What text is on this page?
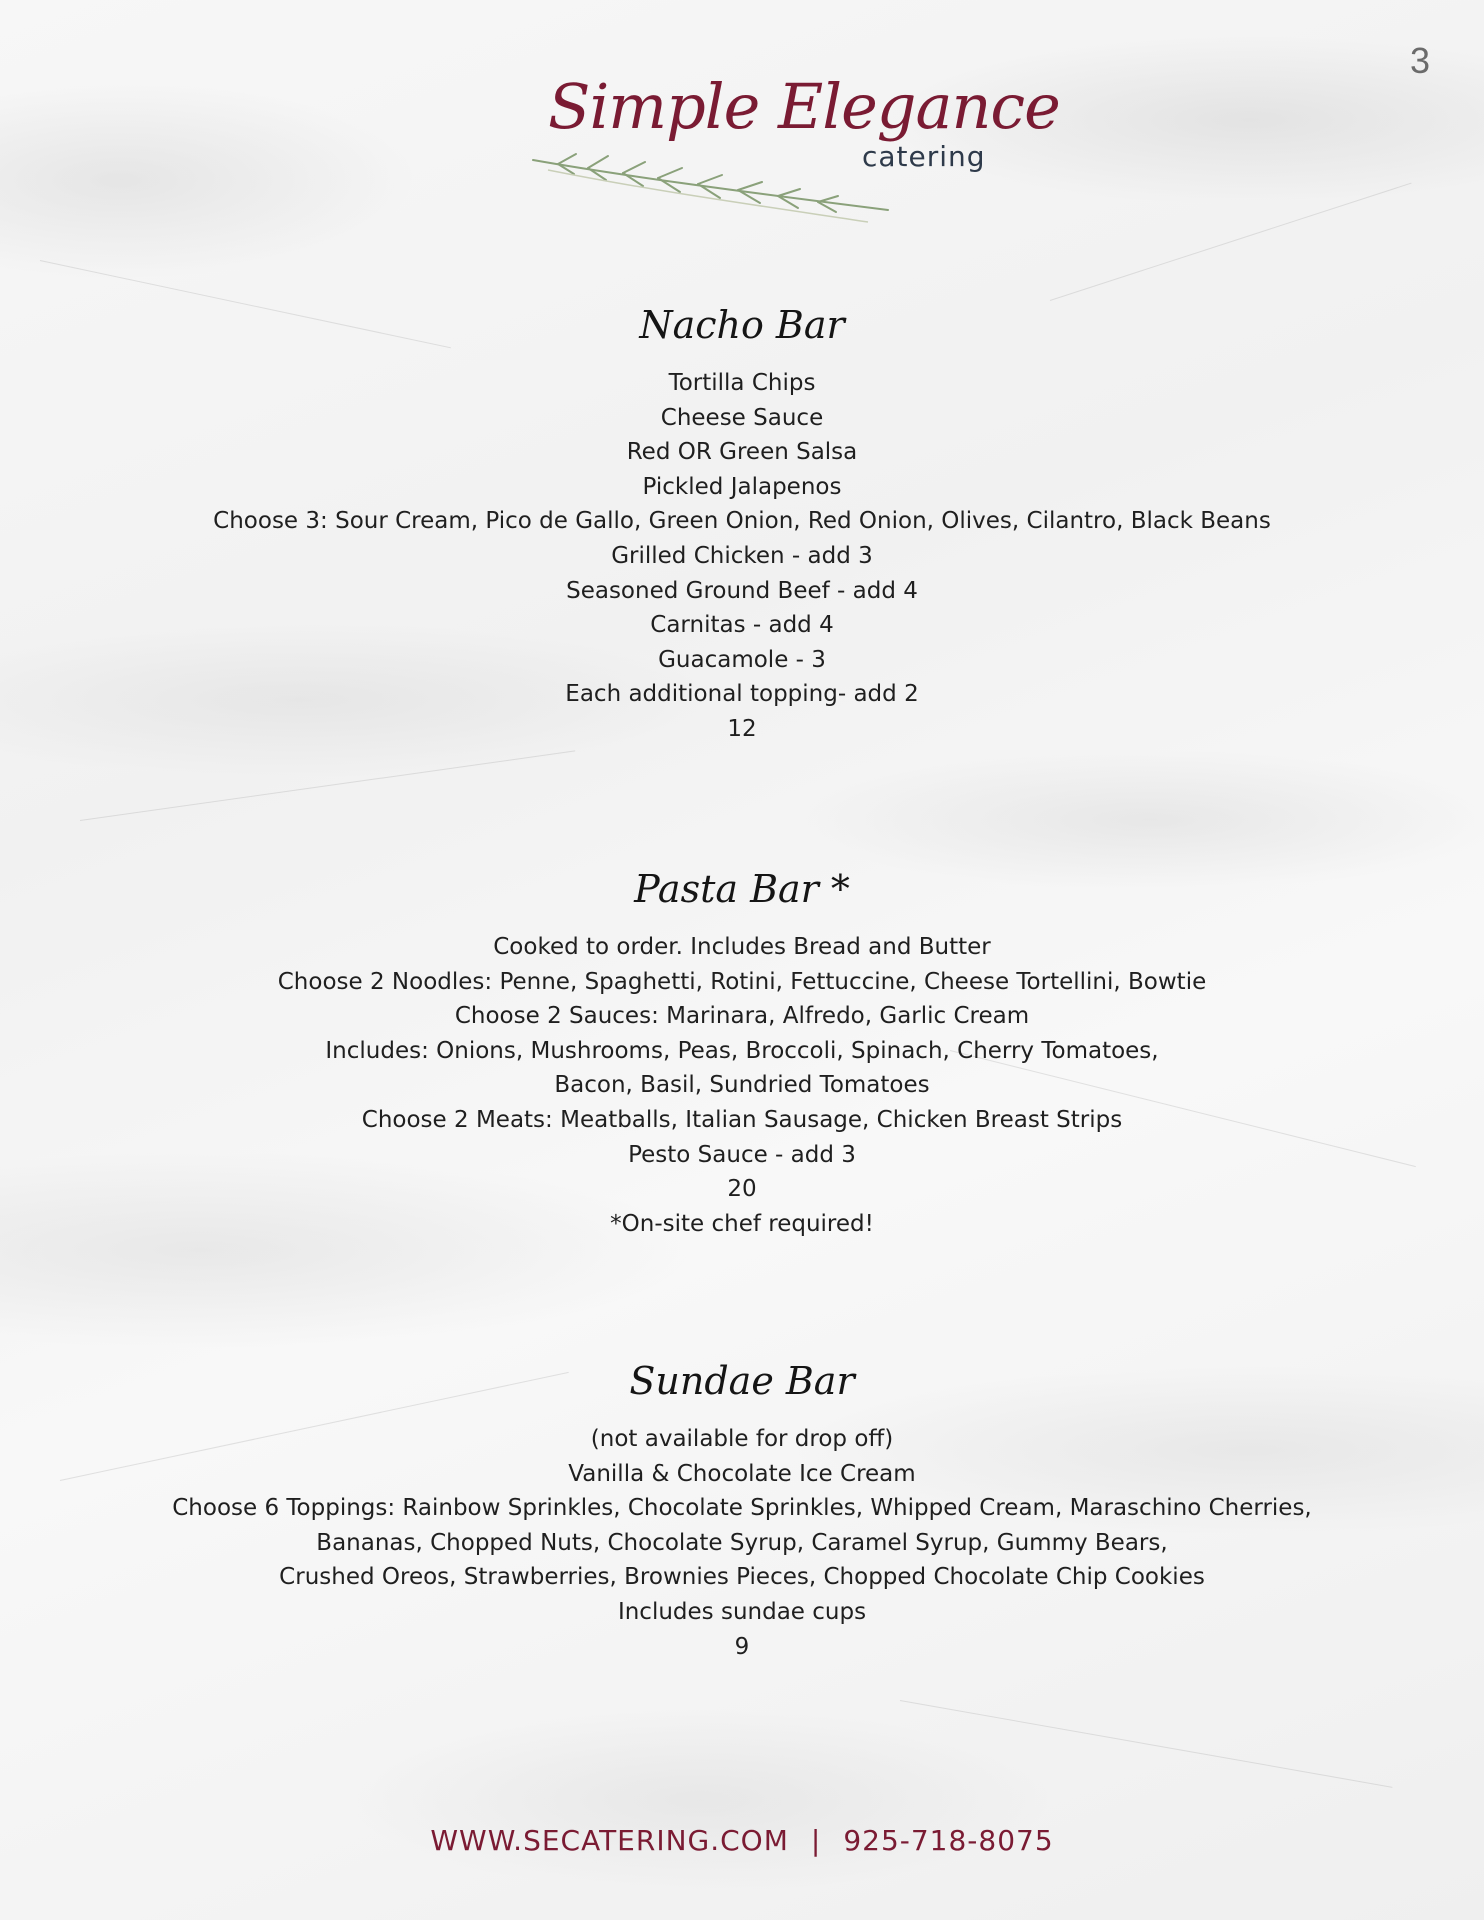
3
Simple Elegance
catering
Nacho Bar
Tortilla Chips
Cheese Sauce
Red OR Green Salsa
Pickled Jalapenos
Choose 3: Sour Cream, Pico de Gallo, Green Onion, Red Onion, Olives, Cilantro, Black Beans
Grilled Chicken - add 3
Seasoned Ground Beef - add 4
Carnitas - add 4
Guacamole - 3
Each additional topping- add 2
12
Pasta Bar *
Cooked to order. Includes Bread and Butter
Choose 2 Noodles: Penne, Spaghetti, Rotini, Fettuccine, Cheese Tortellini, Bowtie
Choose 2 Sauces: Marinara, Alfredo, Garlic Cream
Includes: Onions, Mushrooms, Peas, Broccoli, Spinach, Cherry Tomatoes,
Bacon, Basil, Sundried Tomatoes
Choose 2 Meats: Meatballs, Italian Sausage, Chicken Breast Strips
Pesto Sauce - add 3
20
*On-site chef required!
Sundae Bar
(not available for drop off)
Vanilla & Chocolate Ice Cream
Choose 6 Toppings: Rainbow Sprinkles, Chocolate Sprinkles, Whipped Cream, Maraschino Cherries,
Bananas, Chopped Nuts, Chocolate Syrup, Caramel Syrup, Gummy Bears,
Crushed Oreos, Strawberries, Brownies Pieces, Chopped Chocolate Chip Cookies
Includes sundae cups
9
WWW.SECATERING.COM | 925-718-8075
